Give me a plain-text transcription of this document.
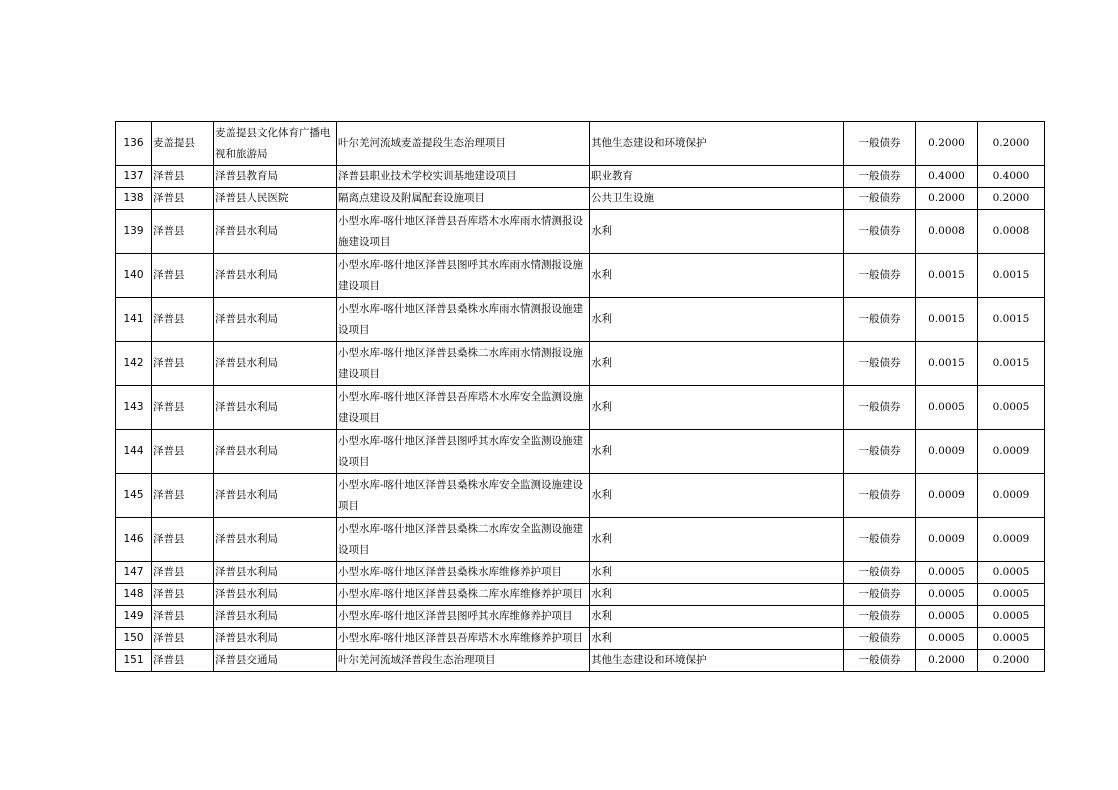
136	麦盖提县	麦盖提县文化体育广播电视和旅游局	叶尔羌河流域麦盖提段生态治理项目	其他生态建设和环境保护	一般债券	0.2000	0.2000
137	泽普县	泽普县教育局	泽普县职业技术学校实训基地建设项目	职业教育	一般债券	0.4000	0.4000
138	泽普县	泽普县人民医院	隔离点建设及附属配套设施项目	公共卫生设施	一般债券	0.2000	0.2000
139	泽普县	泽普县水利局	小型水库-喀什地区泽普县吾库塔木水库雨水情测报设施建设项目	水利	一般债券	0.0008	0.0008
140	泽普县	泽普县水利局	小型水库-喀什地区泽普县图呼其水库雨水情测报设施建设项目	水利	一般债券	0.0015	0.0015
141	泽普县	泽普县水利局	小型水库-喀什地区泽普县桑株水库雨水情测报设施建设项目	水利	一般债券	0.0015	0.0015
142	泽普县	泽普县水利局	小型水库-喀什地区泽普县桑株二水库雨水情测报设施建设项目	水利	一般债券	0.0015	0.0015
143	泽普县	泽普县水利局	小型水库-喀什地区泽普县吾库塔木水库安全监测设施建设项目	水利	一般债券	0.0005	0.0005
144	泽普县	泽普县水利局	小型水库-喀什地区泽普县图呼其水库安全监测设施建设项目	水利	一般债券	0.0009	0.0009
145	泽普县	泽普县水利局	小型水库-喀什地区泽普县桑株水库安全监测设施建设项目	水利	一般债券	0.0009	0.0009
146	泽普县	泽普县水利局	小型水库-喀什地区泽普县桑株二水库安全监测设施建设项目	水利	一般债券	0.0009	0.0009
147	泽普县	泽普县水利局	小型水库-喀什地区泽普县桑株水库维修养护项目	水利	一般债券	0.0005	0.0005
148	泽普县	泽普县水利局	小型水库-喀什地区泽普县桑株二库水库维修养护项目	水利	一般债券	0.0005	0.0005
149	泽普县	泽普县水利局	小型水库-喀什地区泽普县图呼其水库维修养护项目	水利	一般债券	0.0005	0.0005
150	泽普县	泽普县水利局	小型水库-喀什地区泽普县吾库塔木水库维修养护项目	水利	一般债券	0.0005	0.0005
151	泽普县	泽普县交通局	叶尔羌河流域泽普段生态治理项目	其他生态建设和环境保护	一般债券	0.2000	0.2000
